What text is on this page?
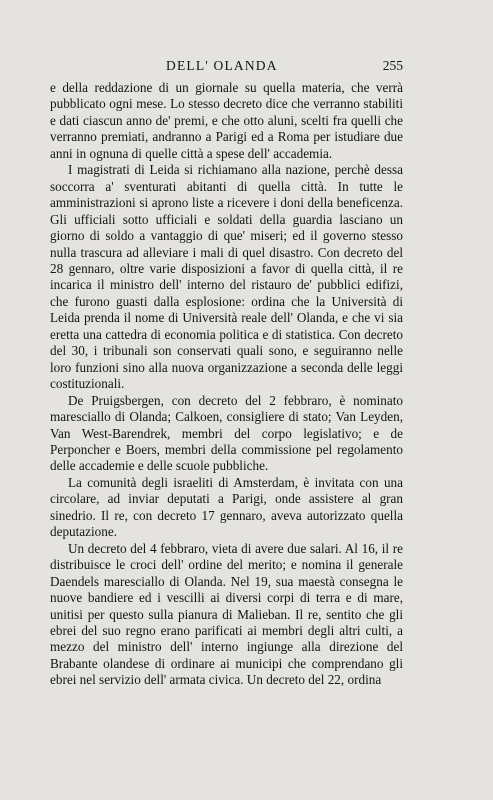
DELL' OLANDA	255

e della reddazione di un giornale su quella materia, che verrà pubblicato ogni mese. Lo stesso decreto dice che verranno stabiliti e dati ciascun anno de' premi, e che otto aluni, scelti fra quelli che verranno premiati, andranno a Parigi ed a Roma per istudiare due anni in ognuna di quelle città a spese dell' accademia.

I magistrati di Leida si richiamano alla nazione, perchè dessa soccorra a' sventurati abitanti di quella città. In tutte le amministrazioni si aprono liste a ricevere i doni della beneficenza. Gli ufficiali sotto ufficiali e soldati della guardia lasciano un giorno di soldo a vantaggio di que' miseri; ed il governo stesso nulla trascura ad alleviare i mali di quel disastro. Con decreto del 28 gennaro, oltre varie disposizioni a favor di quella città, il re incarica il ministro dell' interno del ristauro de' pubblici edifizi, che furono guasti dalla esplosione: ordina che la Università di Leida prenda il nome di Università reale dell' Olanda, e che vi sia eretta una cattedra di economia politica e di statistica. Con decreto del 30, i tribunali son conservati quali sono, e seguiranno nelle loro funzioni sino alla nuova organizzazione a seconda delle leggi costituzionali.

De Pruigsbergen, con decreto del 2 febbraro, è nominato maresciallo di Olanda; Calkoen, consigliere di stato; Van Leyden, Van West-Barendrek, membri del corpo legislativo; e de Perponcher e Boers, membri della commissione pel regolamento delle accademie e delle scuole pubbliche.

La comunità degli israeliti di Amsterdam, è invitata con una circolare, ad inviar deputati a Parigi, onde assistere al gran sinedrio. Il re, con decreto 17 gennaro, aveva autorizzato quella deputazione.

Un decreto del 4 febbraro, vieta di avere due salari. Al 16, il re distribuisce le croci dell' ordine del merito; e nomina il generale Daendels maresciallo di Olanda. Nel 19, sua maestà consegna le nuove bandiere ed i vescilli ai diversi corpi di terra e di mare, unitisi per questo sulla pianura di Malieban. Il re, sentito che gli ebrei del suo regno erano parificati ai membri degli altri culti, a mezzo del ministro dell' interno ingiunge alla direzione del Brabante olandese di ordinare ai municipi che comprendano gli ebrei nel servizio dell' armata civica. Un decreto del 22, ordina
